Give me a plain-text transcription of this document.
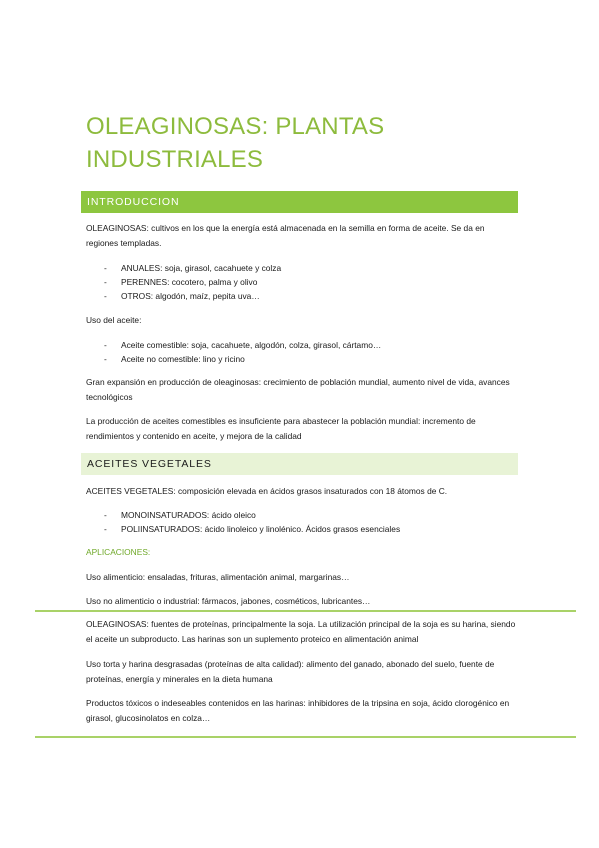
OLEAGINOSAS: PLANTAS INDUSTRIALES
INTRODUCCION

OLEAGINOSAS: cultivos en los que la energía está almacenada en la semilla en forma de aceite. Se da en regiones templadas.

- ANUALES: soja, girasol, cacahuete y colza
- PERENNES: cocotero, palma y olivo
- OTROS: algodón, maíz, pepita uva…

Uso del aceite:

- Aceite comestible: soja, cacahuete, algodón, colza, girasol, cártamo…
- Aceite no comestible: lino y ricino

Gran expansión en producción de oleaginosas: crecimiento de población mundial, aumento nivel de vida, avances tecnológicos

La producción de aceites comestibles es insuficiente para abastecer la población mundial: incremento de rendimientos y contenido en aceite, y mejora de la calidad

ACEITES VEGETALES

ACEITES VEGETALES: composición elevada en ácidos grasos insaturados con 18 átomos de C.

- MONOINSATURADOS: ácido oleico
- POLIINSATURADOS: ácido linoleico y linolénico. Ácidos grasos esenciales

APLICACIONES:

Uso alimenticio: ensaladas, frituras, alimentación animal, margarinas…

Uso no alimenticio o industrial: fármacos, jabones, cosméticos, lubricantes…

OLEAGINOSAS: fuentes de proteínas, principalmente la soja. La utilización principal de la soja es su harina, siendo el aceite un subproducto. Las harinas son un suplemento proteico en alimentación animal

Uso torta y harina desgrasadas (proteínas de alta calidad): alimento del ganado, abonado del suelo, fuente de proteínas, energía y minerales en la dieta humana

Productos tóxicos o indeseables contenidos en las harinas: inhibidores de la tripsina en soja, ácido clorogénico en girasol, glucosinolatos en colza…
